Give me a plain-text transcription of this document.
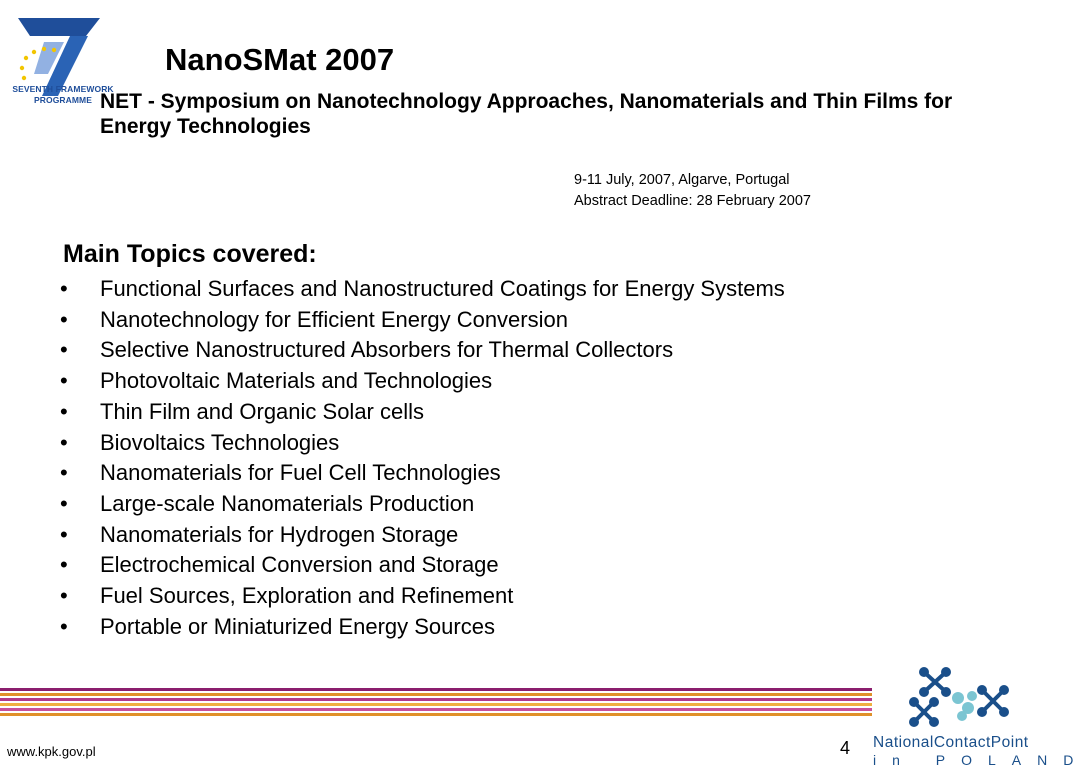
SEVENTH FRAMEWORK
PROGRAMME
NanoSMat 2007
NET - Symposium on Nanotechnology Approaches, Nanomaterials and Thin Films for Energy Technologies
9-11 July, 2007, Algarve, Portugal
Abstract Deadline: 28 February 2007
Main Topics covered:
• Functional Surfaces and Nanostructured Coatings for Energy Systems
• Nanotechnology for Efficient Energy Conversion
• Selective Nanostructured Absorbers for Thermal Collectors
• Photovoltaic Materials and Technologies
• Thin Film and Organic Solar cells
• Biovoltaics Technologies
• Nanomaterials for Fuel Cell Technologies
• Large-scale Nanomaterials Production
• Nanomaterials for Hydrogen Storage
• Electrochemical Conversion and Storage
• Fuel Sources, Exploration and Refinement
• Portable or Miniaturized Energy Sources
www.kpk.gov.pl	4 NationalContactPoint
in POLAND
